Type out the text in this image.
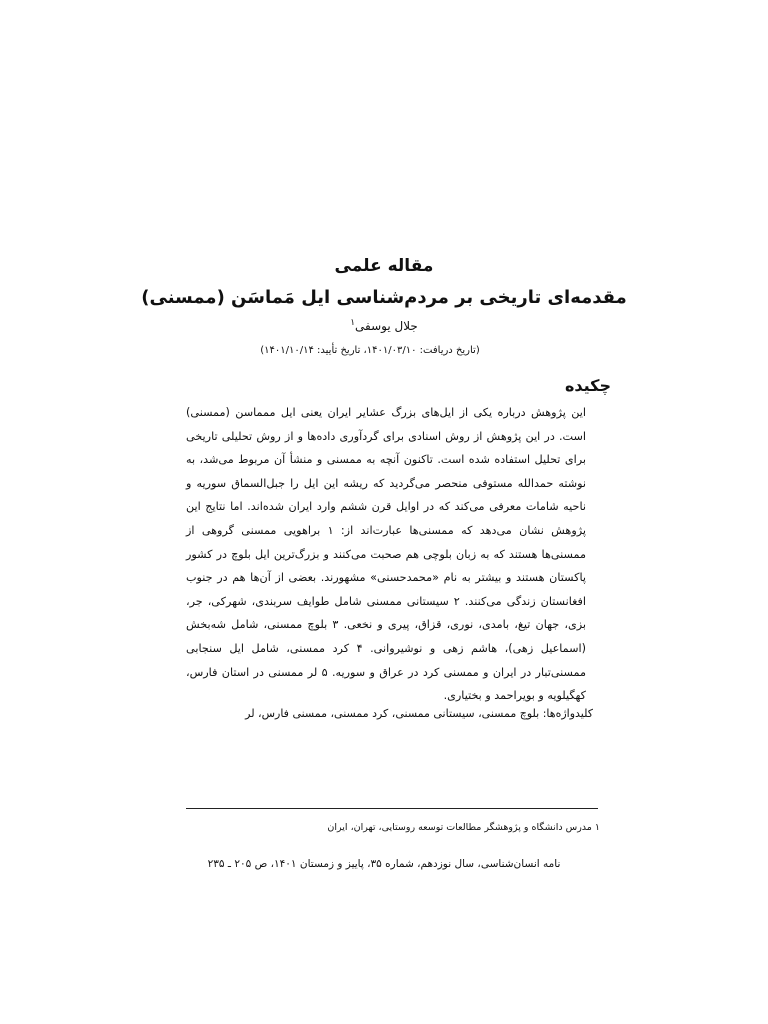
مقاله علمی
مقدمه‌ای تاریخی بر مردم‌شناسی ایل مَماسَن (ممسنی)
جلال یوسفی$^۱$
(تاریخ دریافت: ۱۴۰۱/۰۳/۱۰، تاریخ تأیید: ۱۴۰۱/۱۰/۱۴)
چکیده
این پژوهش درباره یکی از ایل‌های بزرگ عشایر ایران یعنی ایل ممماسن (ممسنی) است. در این پژوهش از روش اسنادی برای گردآوری داده‌ها و از روش تحلیلی تاریخی برای تحلیل استفاده شده است. تاکنون آنچه به ممسنی و منشأ آن مربوط می‌شد، به نوشته حمدالله مستوفی منحصر می‌گردید که ریشه این ایل را جبل‌السماق سوریه و ناحیه شامات معرفی می‌کند که در اوایل قرن ششم وارد ایران شده‌اند. اما نتایج این پژوهش نشان می‌دهد که ممسنی‌ها عبارت‌اند از: ۱ براهویی ممسنی گروهی از ممسنی‌ها هستند که به زبان بلوچی هم صحبت می‌کنند و بزرگ‌ترین ایل بلوچ در کشور پاکستان هستند و بیشتر به نام «محمدحسنی» مشهورند. بعضی از آن‌ها هم در جنوب افغانستان زندگی می‌کنند. ۲ سیستانی ممسنی شامل طوایف سربندی، شهرکی، جر، بزی، جهان تیغ، بامدی، نوری، قزاق، پیری و نخعی. ۳ بلوچ ممسنی، شامل شه‌بخش (اسماعیل زهی)، هاشم زهی و نوشیروانی. ۴ کرد ممسنی، شامل ایل سنجابی ممسنی‌تبار در ایران و ممسنی کرد در عراق و سوریه. ۵ لر ممسنی در استان فارس، کهگیلویه و بویراحمد و بختیاری.
کلیدواژه‌ها: بلوچ ممسنی، سیستانی ممسنی، کرد ممسنی، ممسنی فارس، لر
۱ مدرس دانشگاه و پژوهشگر مطالعات توسعه روستایی، تهران، ایران
نامه انسان‌شناسی، سال نوزدهم، شماره ۳۵، پاییز و زمستان ۱۴۰۱، ص ۲۰۵ ـ ۲۳۵
